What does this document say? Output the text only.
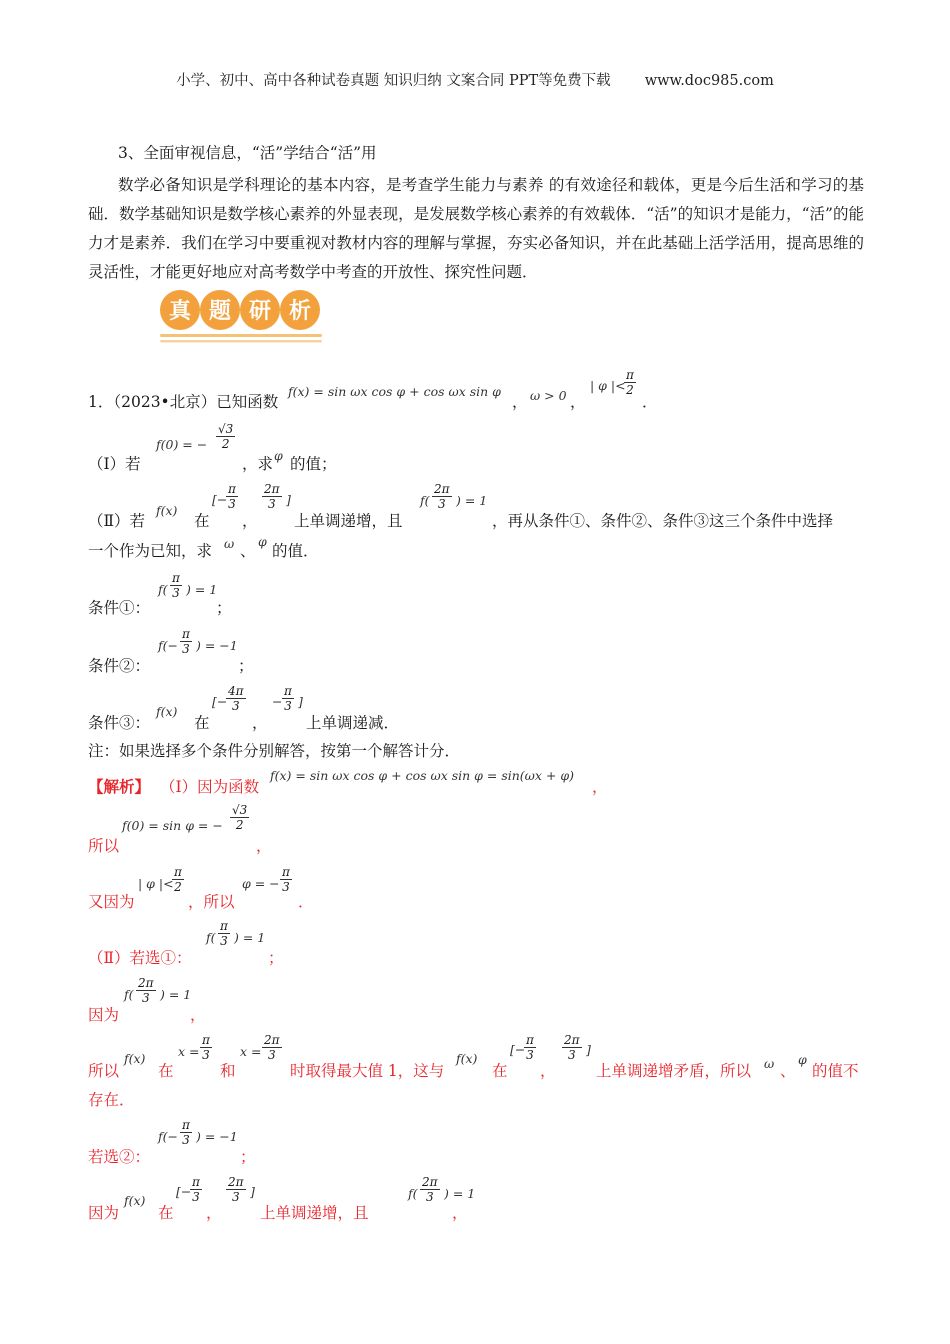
小学、初中、高中各种试卷真题 知识归纳 文案合同 PPT等免费下载 www.doc985.com
3、全面审视信息，“活”学结合“活”用
数学必备知识是学科理论的基本内容，是考查学生能力与素养 的有效途径和载体，更是今后生活和学习的基础．数学基础知识是数学核心素养的外显表现，是发展数学核心素养的有效载体．“活”的知识才是能力，“活”的能力才是素养．我们在学习中要重视对教材内容的理解与掌握，夯实必备知识，并在此基础上活学活用，提高思维的灵活性，才能更好地应对高考数学中考查的开放性、探究性问题．
真 题 研 析
1．（2023•北京）已知函数
f(x) = sin ωx cos φ + cos ωx sin φ
， ω > 0 ，
| φ |<
$\frac{\pi}{2}$
．
（Ⅰ）若
f(0) = − $\frac{√3}{2}$
，求 φ 的值；
（Ⅱ）若
f(x)
在
[−
$\frac{\pi}{3}$
，
$\frac{2\pi}{3}$ ]
上单调递增，且
$f( \frac{2\pi}{3}$ ) = 1
，再从条件①、条件②、条件③这三个条件中选择
一个作为已知，求 ω 、
φ
的值．
条件①：
$f( \frac{\pi}{3}$ ) = 1
；
条件②：
$f(- \frac{\pi}{3}$ ) = −1
；
条件③：
f(x)
在
[−
$\frac{4\pi}{3}$
，
− $\frac{\pi}{3}$ ]
上单调递减．
注：如果选择多个条件分别解答，按第一个解答计分．
【解析】 （Ⅰ）因为函数
f(x) = sin ωx cos φ + cos ωx sin φ = sin(ωx + φ)
，
所以
f(0) = sin φ = − $\frac{√3}{2}$
，
又因为
| φ |<
$\frac{\pi}{2}$
，所以
φ = − $\frac{\pi}{3}$
．
（Ⅱ）若选①：
$f( \frac{\pi}{3}$ ) = 1
；
因为
$f( \frac{2\pi}{3}$ ) = 1
，
所以
f(x)
在
$x = \frac{\pi}{3}$
和
$x = \frac{2\pi}{3}$
时取得最大值 1，这与
f(x)
在
[−
$\frac{\pi}{3}$
，
$\frac{2\pi}{3}$ ]
上单调递增矛盾，所以 ω 、
φ
的值不
存在．
若选②：
$f(- \frac{\pi}{3}$ ) = −1
；
因为
f(x)
在
[−
$\frac{\pi}{3}$
，
$\frac{2\pi}{3}$ ]
上单调递增，且
$f( \frac{2\pi}{3}$ ) = 1
，
